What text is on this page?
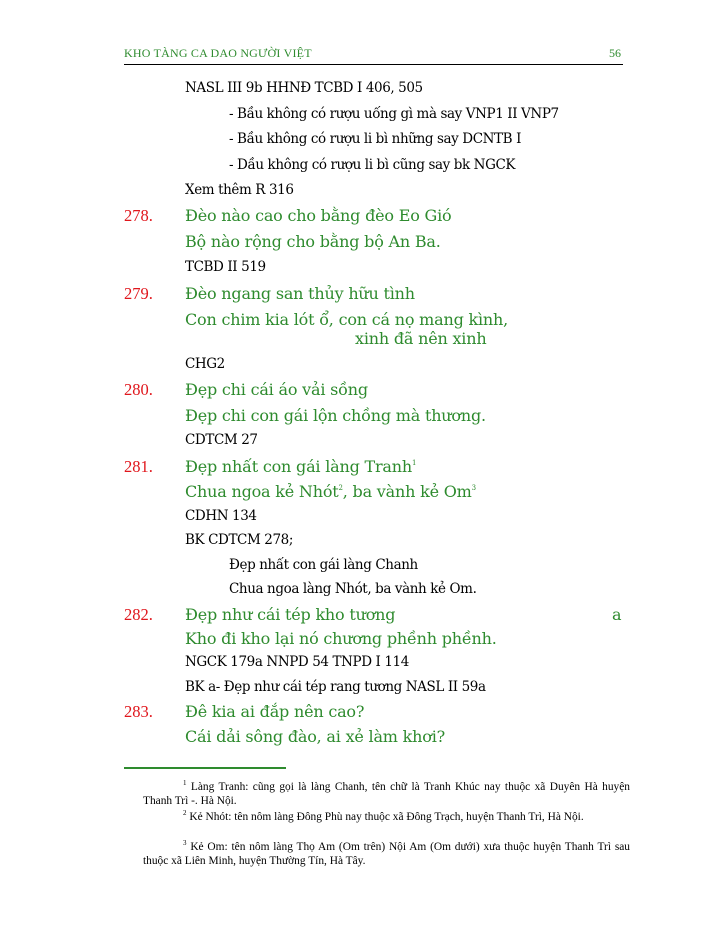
KHO TÀNG CA DAO NGƯỜI VIỆT	56
NASL III 9b HHNĐ TCBD I 406, 505
- Bầu không có rượu uống gì mà say VNP1 II VNP7
- Bầu không có rượu li bì những say DCNTB I
- Dầu không có rượu li bì cũng say bk NGCK
Xem thêm R 316
278. Đèo nào cao cho bằng đèo Eo Gió
Bộ nào rộng cho bằng bộ An Ba.
TCBD II 519
279. Đèo ngang san thủy hữu tình
Con chim kia lót ổ, con cá nọ mang kình,
xinh đã nên xinh
CHG2
280. Đẹp chi cái áo vải sồng
Đẹp chi con gái lộn chồng mà thương.
CDTCM 27
281. Đẹp nhất con gái làng Tranh$^1$
Chua ngoa kẻ Nhót$^2$, ba vành kẻ Om$^3$
CDHN 134
BK CDTCM 278;
Đẹp nhất con gái làng Chanh
Chua ngoa làng Nhót, ba vành kẻ Om.
282. Đẹp như cái tép kho tương	a
Kho đi kho lại nó chương phềnh phềnh.
NGCK 179a NNPD 54 TNPD I 114
BK a- Đẹp như cái tép rang tương NASL II 59a
283. Đê kia ai đắp nên cao?
Cái dải sông đào, ai xẻ làm khơi?
$^1$ Làng Tranh: cũng gọi là làng Chanh, tên chữ là Tranh Khúc nay thuộc xã Duyên Hà huyện Thanh Trì -. Hà Nội.
$^2$ Kẻ Nhót: tên nôm làng Đông Phù nay thuộc xã Đông Trạch, huyện Thanh Trì, Hà Nội.
$^3$ Kẻ Om: tên nôm làng Thọ Am (Om trên) Nội Am (Om dưới) xưa thuộc huyện Thanh Trì sau thuộc xã Liên Minh, huyện Thường Tín, Hà Tây.
